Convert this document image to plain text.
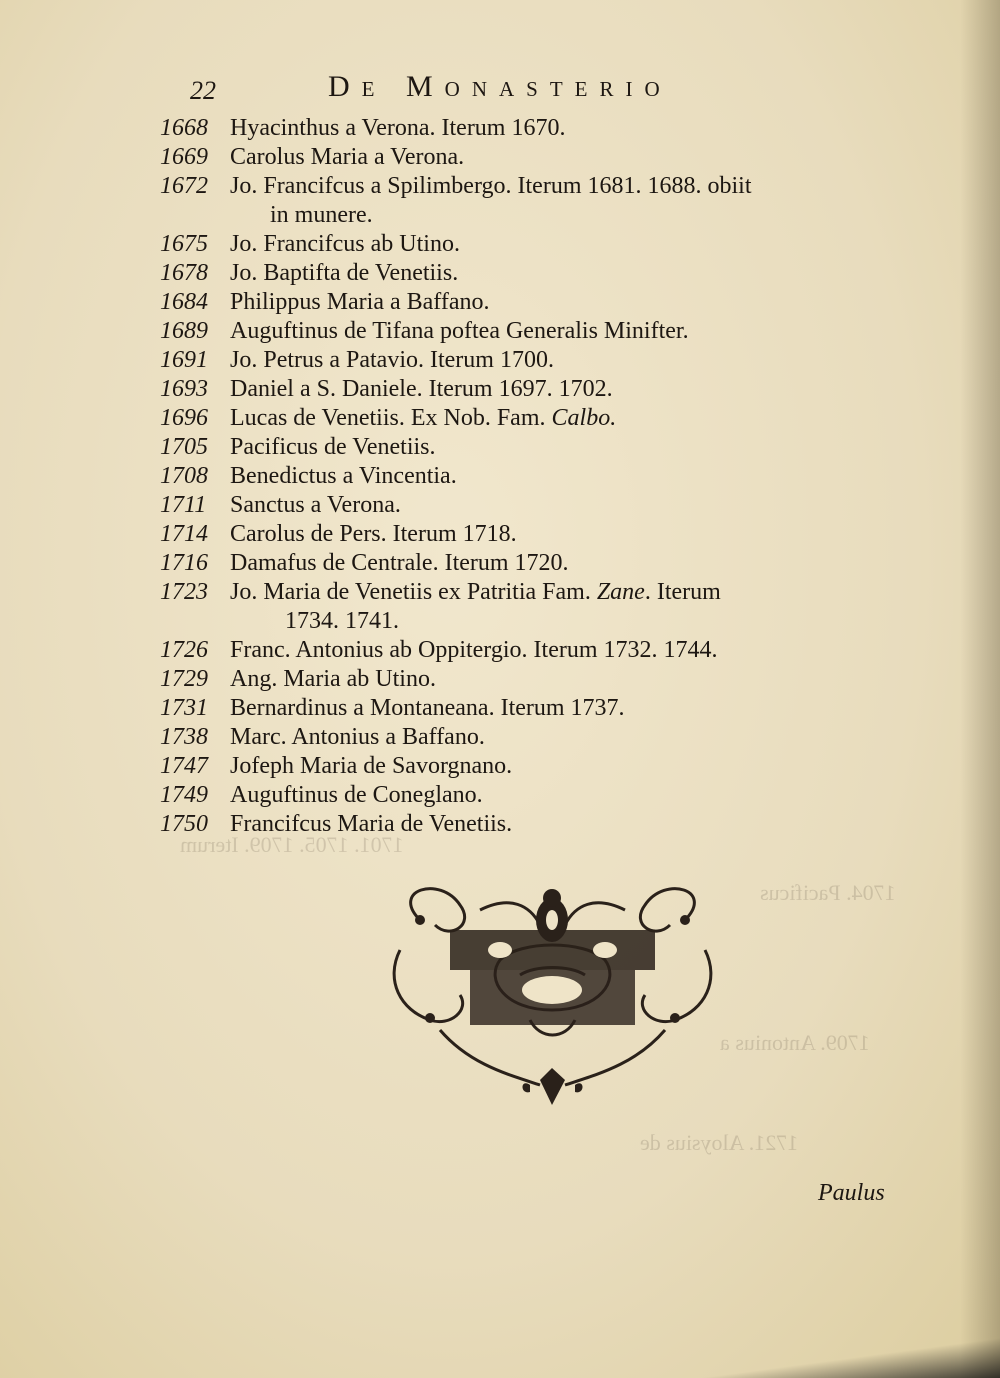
1701. 1705. 1709. Iterum
1704. Pacificus
1709. Antonius a
1721. Aloysius de
22	De Monasterio
1668 Hyacinthus a Verona. Iterum 1670.
1669 Carolus Maria a Verona.
1672 Jo. Francifcus a Spilimbergo. Iterum 1681. 1688. obiit
in munere.
1675 Jo. Francifcus ab Utino.
1678 Jo. Baptifta de Venetiis.
1684 Philippus Maria a Baffano.
1689 Auguftinus de Tifana poftea Generalis Minifter.
1691 Jo. Petrus a Patavio. Iterum 1700.
1693 Daniel a S. Daniele. Iterum 1697. 1702.
1696 Lucas de Venetiis. Ex Nob. Fam. Calbo.
1705 Pacificus de Venetiis.
1708 Benedictus a Vincentia.
1711 Sanctus a Verona.
1714 Carolus de Pers. Iterum 1718.
1716 Damafus de Centrale. Iterum 1720.
1723 Jo. Maria de Venetiis ex Patritia Fam. Zane. Iterum
1734. 1741.
1726 Franc. Antonius ab Oppitergio. Iterum 1732. 1744.
1729 Ang. Maria ab Utino.
1731 Bernardinus a Montaneana. Iterum 1737.
1738 Marc. Antonius a Baffano.
1747 Jofeph Maria de Savorgnano.
1749 Auguftinus de Coneglano.
1750 Francifcus Maria de Venetiis.
Paulus
